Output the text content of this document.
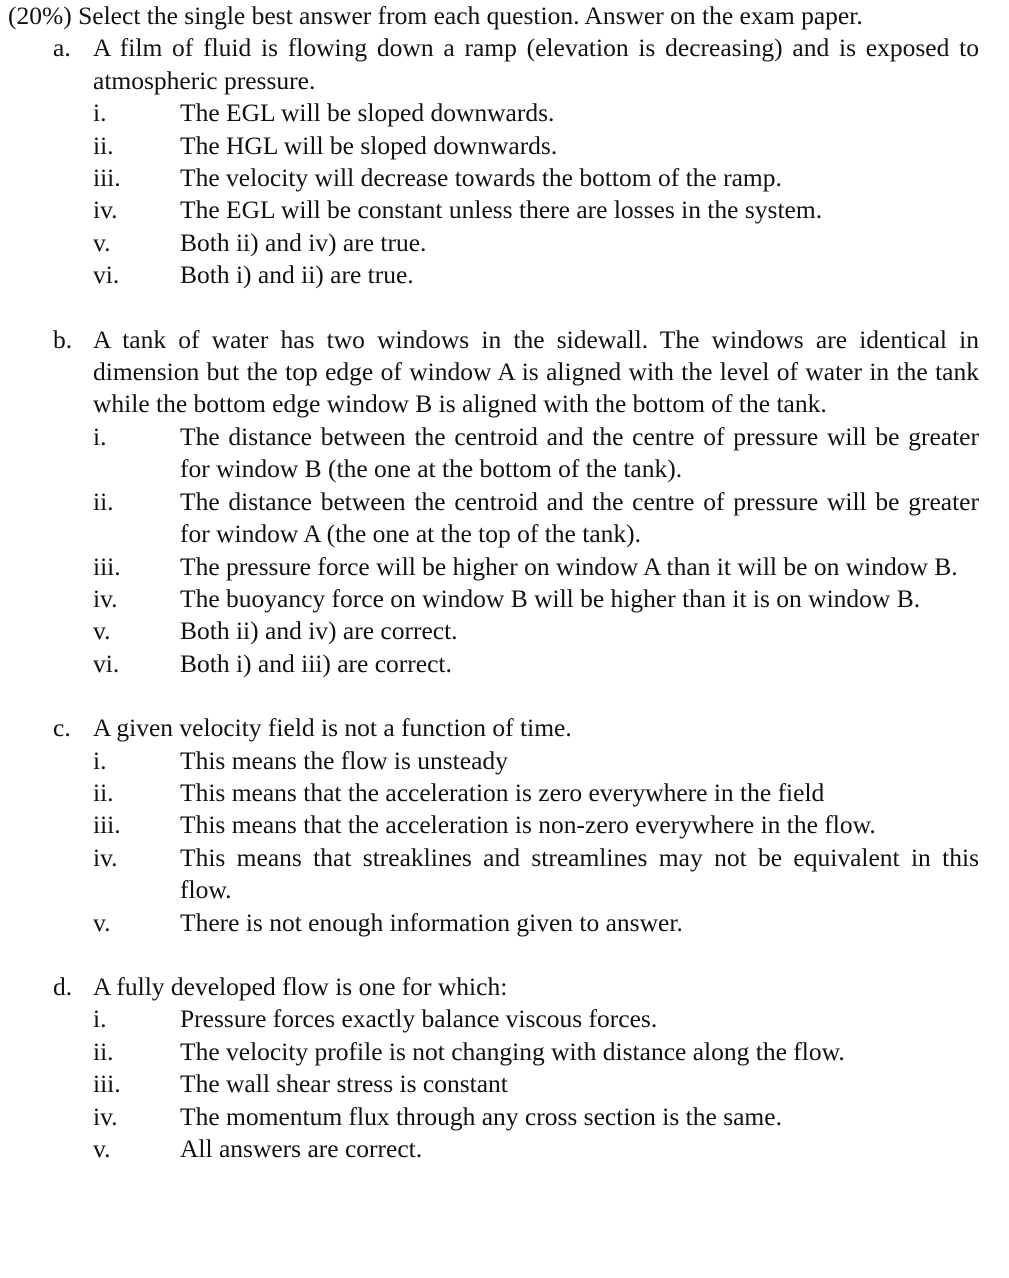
(20%) Select the single best answer from each question. Answer on the exam paper.
a. A film of fluid is flowing down a ramp (elevation is decreasing) and is exposed to atmospheric pressure.
i.	The EGL will be sloped downwards.
ii.	The HGL will be sloped downwards.
iii.	The velocity will decrease towards the bottom of the ramp.
iv.	The EGL will be constant unless there are losses in the system.
v.	Both ii) and iv) are true.
vi.	Both i) and ii) are true.
b. A tank of water has two windows in the sidewall. The windows are identical in dimension but the top edge of window A is aligned with the level of water in the tank while the bottom edge window B is aligned with the bottom of the tank.
i.	The distance between the centroid and the centre of pressure will be greater for window B (the one at the bottom of the tank).
ii.	The distance between the centroid and the centre of pressure will be greater for window A (the one at the top of the tank).
iii.	The pressure force will be higher on window A than it will be on window B.
iv.	The buoyancy force on window B will be higher than it is on window B.
v.	Both ii) and iv) are correct.
vi.	Both i) and iii) are correct.
c. A given velocity field is not a function of time.
i.	This means the flow is unsteady
ii.	This means that the acceleration is zero everywhere in the field
iii.	This means that the acceleration is non-zero everywhere in the flow.
iv.	This means that streaklines and streamlines may not be equivalent in this flow.
v.	There is not enough information given to answer.
d. A fully developed flow is one for which:
i.	Pressure forces exactly balance viscous forces.
ii.	The velocity profile is not changing with distance along the flow.
iii.	The wall shear stress is constant
iv.	The momentum flux through any cross section is the same.
v.	All answers are correct.
